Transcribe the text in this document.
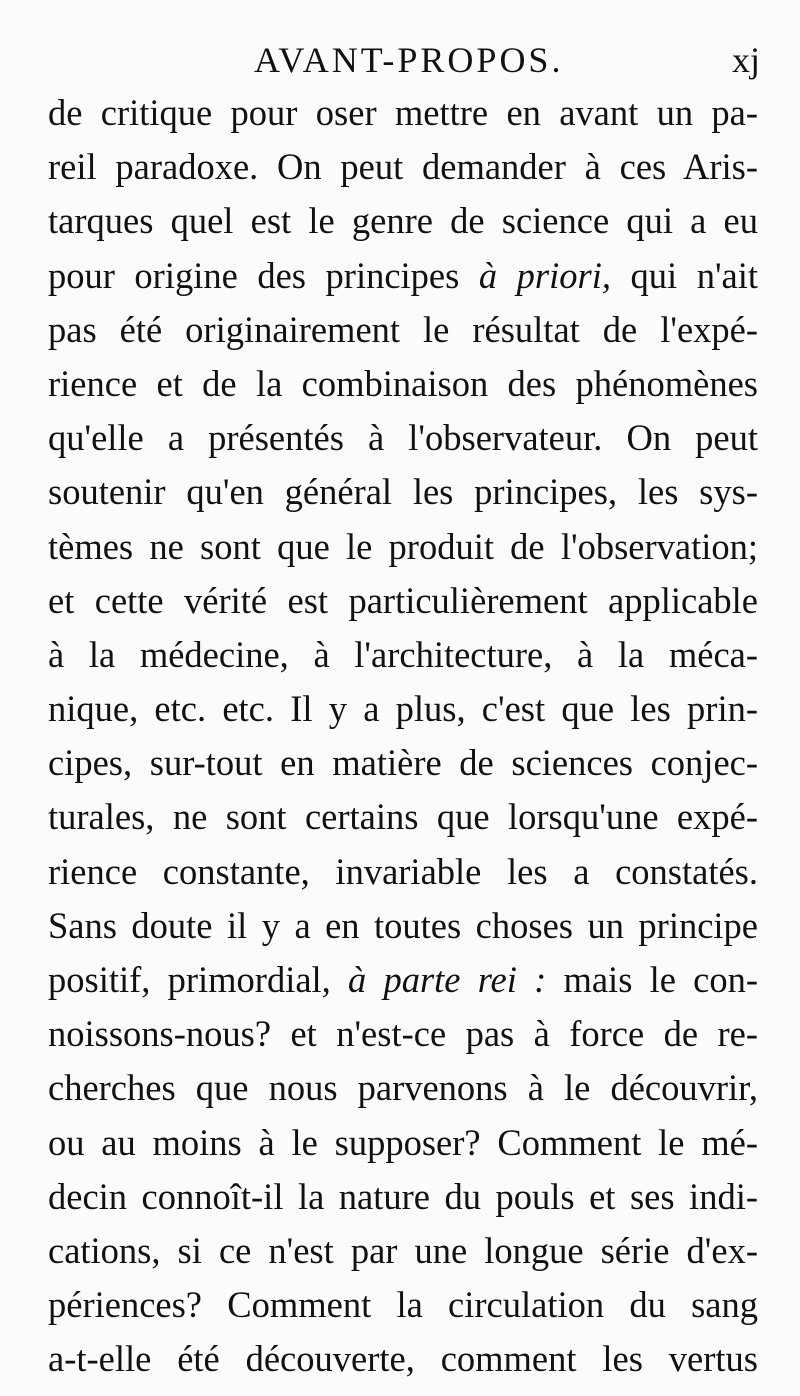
AVANT-PROPOS.	xj
de critique pour oser mettre en avant un pa-
reil paradoxe. On peut demander à ces Aris-
tarques quel est le genre de science qui a eu
pour origine des principes à priori, qui n'ait
pas été originairement le résultat de l'expé-
rience et de la combinaison des phénomènes
qu'elle a présentés à l'observateur. On peut
soutenir qu'en général les principes, les sys-
tèmes ne sont que le produit de l'observation;
et cette vérité est particulièrement applicable
à la médecine, à l'architecture, à la méca-
nique, etc. etc. Il y a plus, c'est que les prin-
cipes, sur-tout en matière de sciences conjec-
turales, ne sont certains que lorsqu'une expé-
rience constante, invariable les a constatés.
Sans doute il y a en toutes choses un principe
positif, primordial, à parte rei : mais le con-
noissons-nous? et n'est-ce pas à force de re-
cherches que nous parvenons à le découvrir,
ou au moins à le supposer? Comment le mé-
decin connoît-il la nature du pouls et ses indi-
cations, si ce n'est par une longue série d'ex-
périences? Comment la circulation du sang
a-t-elle été découverte, comment les vertus
